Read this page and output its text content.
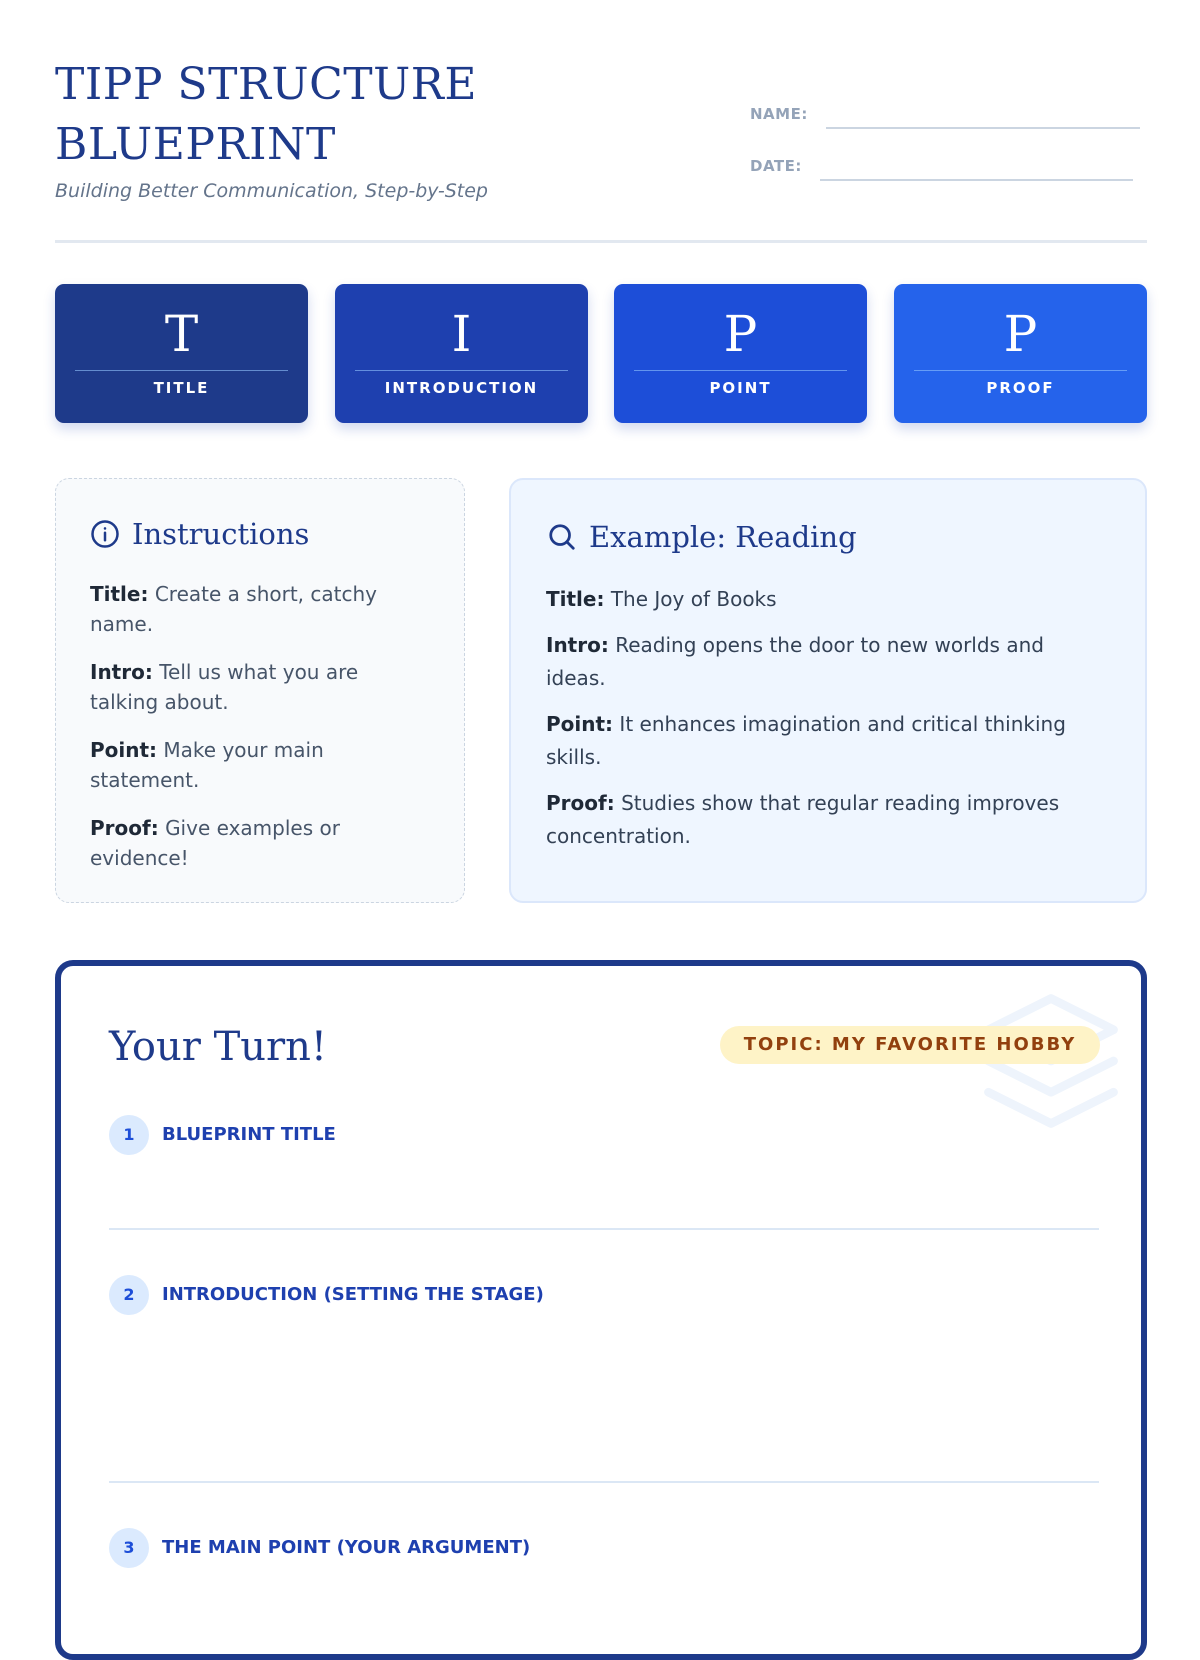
TIPP STRUCTURE
BLUEPRINT
Building Better Communication, Step-by-Step
NAME:
DATE:
T
TITLE
I
INTRODUCTION
P
POINT
P
PROOF
Instructions

Title: Create a short, catchy name.

Intro: Tell us what you are talking about.

Point: Make your main statement.

Proof: Give examples or evidence!

Example: Reading

Title: The Joy of Books

Intro: Reading opens the door to new worlds and ideas.

Point: It enhances imagination and critical thinking skills.

Proof: Studies show that regular reading improves concentration.

Your Turn!	TOPIC: MY FAVORITE HOBBY
1	BLUEPRINT TITLE
2	INTRODUCTION (SETTING THE STAGE)
3	THE MAIN POINT (YOUR ARGUMENT)
